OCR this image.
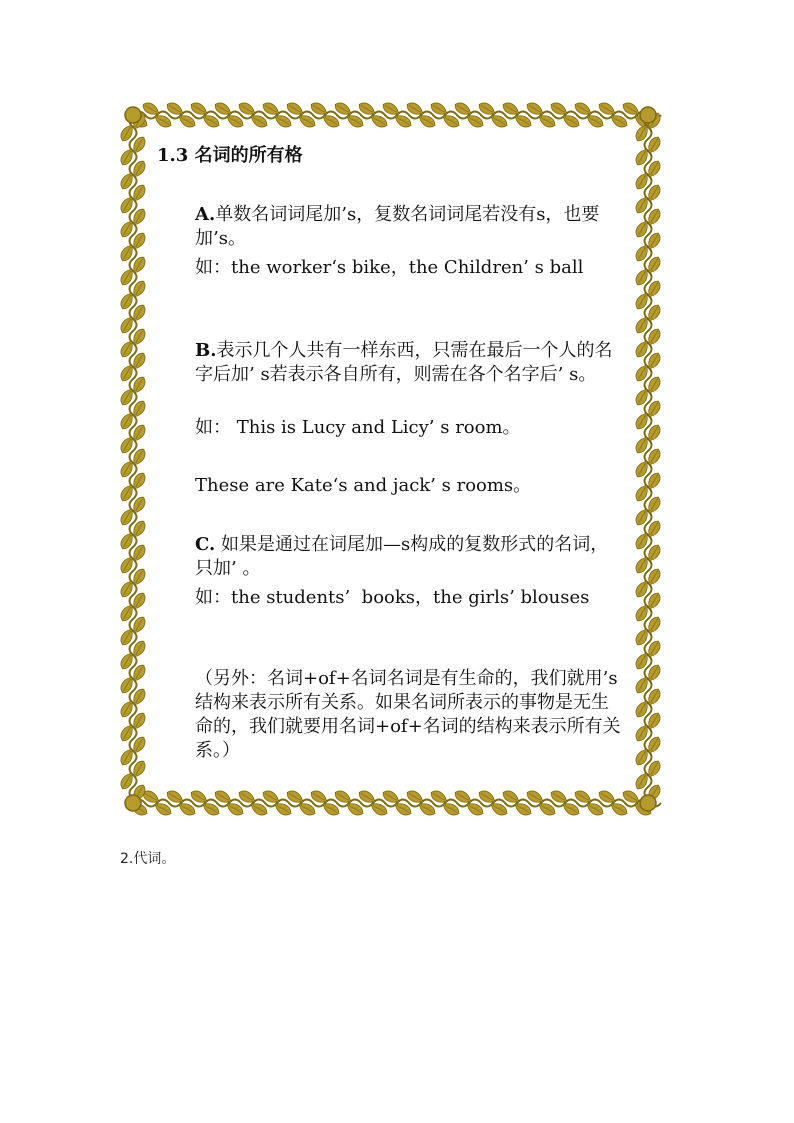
1.3 名词的所有格
A.单数名词词尾加’s，复数名词词尾若没有s，也要加’s。
如：the worker‘s bike，the Children’ s ball
B.表示几个人共有一样东西，只需在最后一个人的名字后加’ s若表示各自所有，则需在各个名字后’ s。
如： This is Lucy and Licy’ s room。
These are Kate‘s and jack’ s rooms。
C. 如果是通过在词尾加—s构成的复数形式的名词，只加’ 。
如：the students’  books，the girls’ blouses
（另外：名词+of+名词名词是有生命的，我们就用’s结构来表示所有关系。如果名词所表示的事物是无生命的，我们就要用名词+of+名词的结构来表示所有关系。）
2.代词。
